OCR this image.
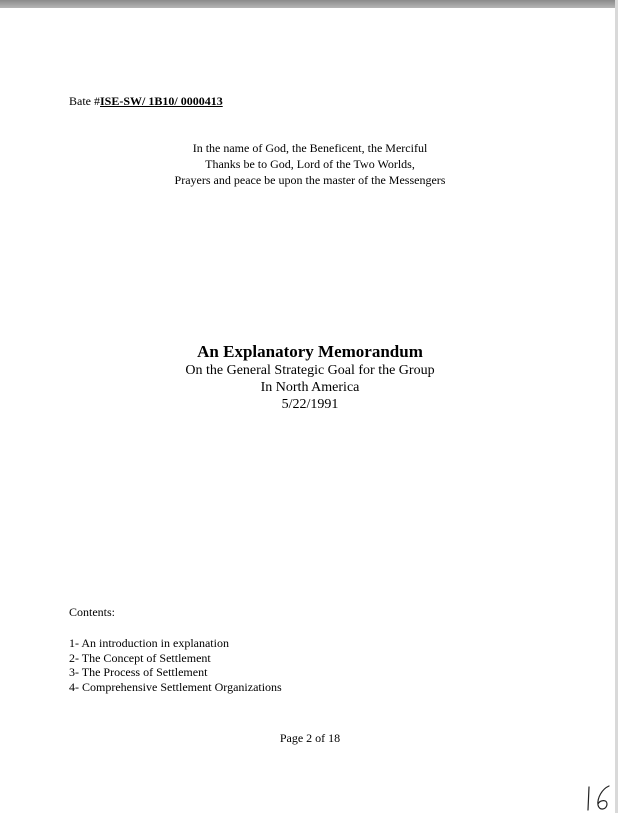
Bate #ISE-SW/ 1B10/ 0000413
In the name of God, the Beneficent, the Merciful
Thanks be to God, Lord of the Two Worlds,
Prayers and peace be upon the master of the Messengers
An Explanatory Memorandum
On the General Strategic Goal for the Group
In North America
5/22/1991
Contents:
1- An introduction in explanation
2- The Concept of Settlement
3- The Process of Settlement
4- Comprehensive Settlement Organizations
Page 2 of 18
